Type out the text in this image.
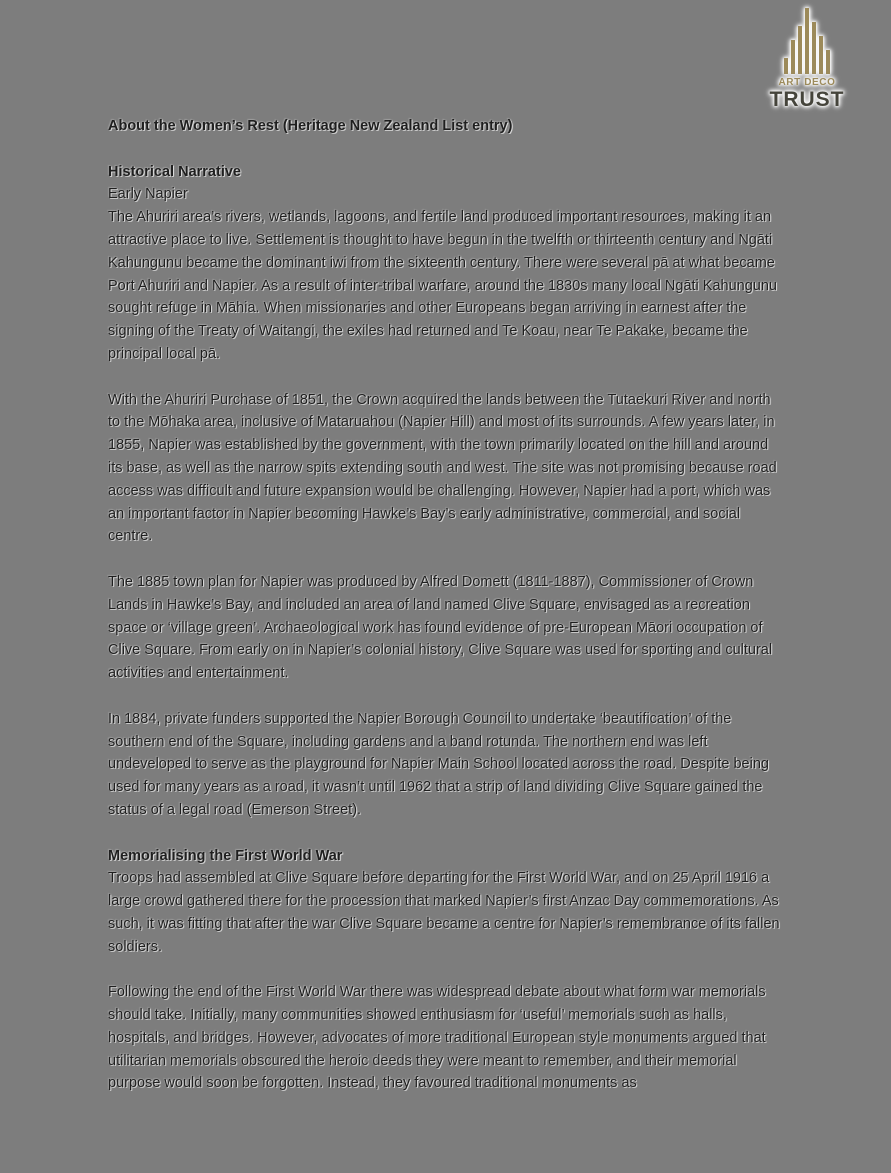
ART DECO
TRUST

About the Women’s Rest (Heritage New Zealand List entry)

Historical Narrative

Early Napier

The Ahuriri area’s rivers, wetlands, lagoons, and fertile land produced important resources, making it an attractive place to live. Settlement is thought to have begun in the twelfth or thirteenth century and Ngāti Kahungunu became the dominant iwi from the sixteenth century. There were several pā at what became Port Ahuriri and Napier. As a result of inter-tribal warfare, around the 1830s many local Ngāti Kahungunu sought refuge in Māhia. When missionaries and other Europeans began arriving in earnest after the signing of the Treaty of Waitangi, the exiles had returned and Te Koau, near Te Pakake, became the principal local pā.

With the Ahuriri Purchase of 1851, the Crown acquired the lands between the Tutaekuri River and north to the Mōhaka area, inclusive of Mataruahou (Napier Hill) and most of its surrounds. A few years later, in 1855, Napier was established by the government, with the town primarily located on the hill and around its base, as well as the narrow spits extending south and west. The site was not promising because road access was difficult and future expansion would be challenging. However, Napier had a port, which was an important factor in Napier becoming Hawke’s Bay’s early administrative, commercial, and social centre.

The 1885 town plan for Napier was produced by Alfred Domett (1811-1887), Commissioner of Crown Lands in Hawke’s Bay, and included an area of land named Clive Square, envisaged as a recreation space or ‘village green’. Archaeological work has found evidence of pre-European Māori occupation of Clive Square. From early on in Napier’s colonial history, Clive Square was used for sporting and cultural activities and entertainment.

In 1884, private funders supported the Napier Borough Council to undertake ‘beautification’ of the southern end of the Square, including gardens and a band rotunda. The northern end was left undeveloped to serve as the playground for Napier Main School located across the road. Despite being used for many years as a road, it wasn’t until 1962 that a strip of land dividing Clive Square gained the status of a legal road (Emerson Street).

Memorialising the First World War

Troops had assembled at Clive Square before departing for the First World War, and on 25 April 1916 a large crowd gathered there for the procession that marked Napier’s first Anzac Day commemorations. As such, it was fitting that after the war Clive Square became a centre for Napier’s remembrance of its fallen soldiers.

Following the end of the First World War there was widespread debate about what form war memorials should take. Initially, many communities showed enthusiasm for ‘useful’ memorials such as halls, hospitals, and bridges. However, advocates of more traditional European style monuments argued that utilitarian memorials obscured the heroic deeds they were meant to remember, and their memorial purpose would soon be forgotten. Instead, they favoured traditional monuments as
